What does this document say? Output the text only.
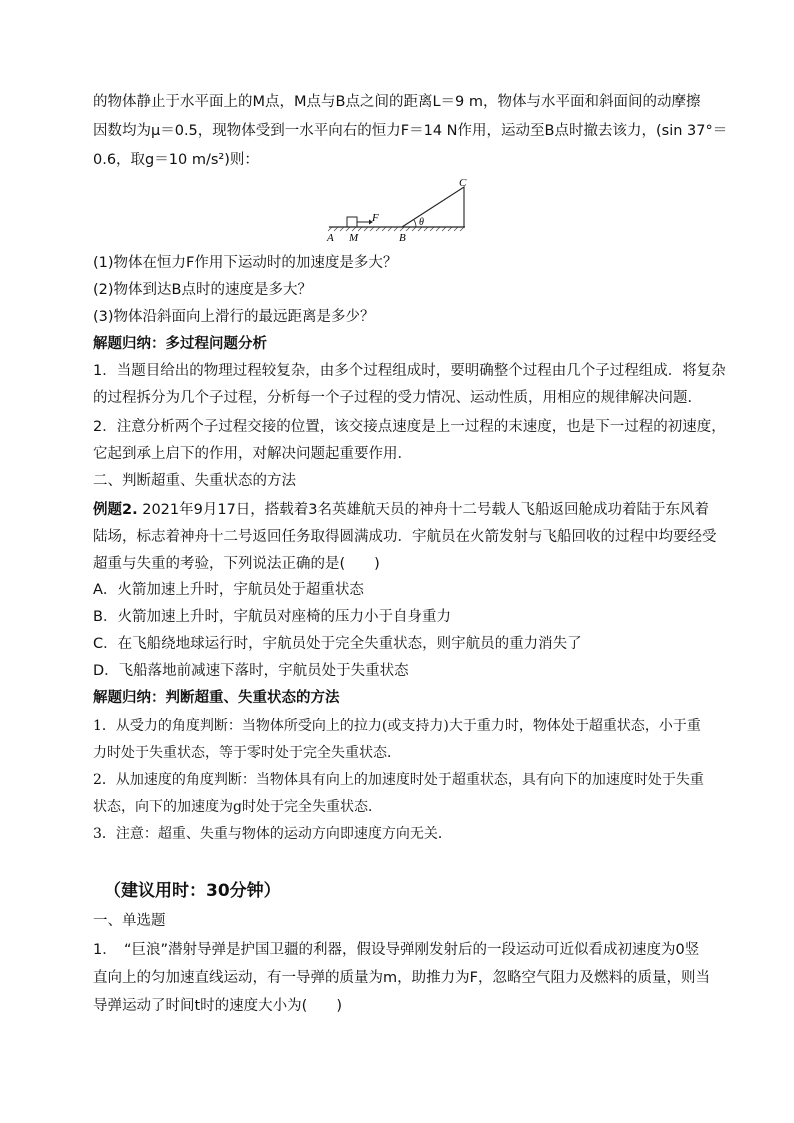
的物体静止于水平面上的M点，M点与B点之间的距离L＝9 m，物体与水平面和斜面间的动摩擦
因数均为μ＝0.5，现物体受到一水平向右的恒力F＝14 N作用，运动至B点时撤去该力，(sin 37°＝
0.6，取g＝10 m/s²)则：
F	θ
C
A M	B
(1)物体在恒力F作用下运动时的加速度是多大？
(2)物体到达B点时的速度是多大？
(3)物体沿斜面向上滑行的最远距离是多少？
解题归纳：多过程问题分析
1．当题目给出的物理过程较复杂，由多个过程组成时，要明确整个过程由几个子过程组成．将复杂
的过程拆分为几个子过程，分析每一个子过程的受力情况、运动性质，用相应的规律解决问题．
2．注意分析两个子过程交接的位置，该交接点速度是上一过程的末速度，也是下一过程的初速度，
它起到承上启下的作用，对解决问题起重要作用．
二、判断超重、失重状态的方法
例题2. 2021年9月17日，搭载着3名英雄航天员的神舟十二号载人飞船返回舱成功着陆于东风着
陆场，标志着神舟十二号返回任务取得圆满成功．宇航员在火箭发射与飞船回收的过程中均要经受
超重与失重的考验，下列说法正确的是(　　)
A．火箭加速上升时，宇航员处于超重状态
B．火箭加速上升时，宇航员对座椅的压力小于自身重力
C．在飞船绕地球运行时，宇航员处于完全失重状态，则宇航员的重力消失了
D．飞船落地前减速下落时，宇航员处于失重状态
解题归纳：判断超重、失重状态的方法
1．从受力的角度判断：当物体所受向上的拉力(或支持力)大于重力时，物体处于超重状态，小于重
力时处于失重状态，等于零时处于完全失重状态．
2．从加速度的角度判断：当物体具有向上的加速度时处于超重状态，具有向下的加速度时处于失重
状态，向下的加速度为g时处于完全失重状态．
3．注意：超重、失重与物体的运动方向即速度方向无关．
（建议用时：30分钟）
一、单选题
1．　“巨浪”潜射导弹是护国卫疆的利器，假设导弹刚发射后的一段运动可近似看成初速度为0竖
直向上的匀加速直线运动，有一导弹的质量为m，助推力为F，忽略空气阻力及燃料的质量，则当
导弹运动了时间t时的速度大小为(　　)
